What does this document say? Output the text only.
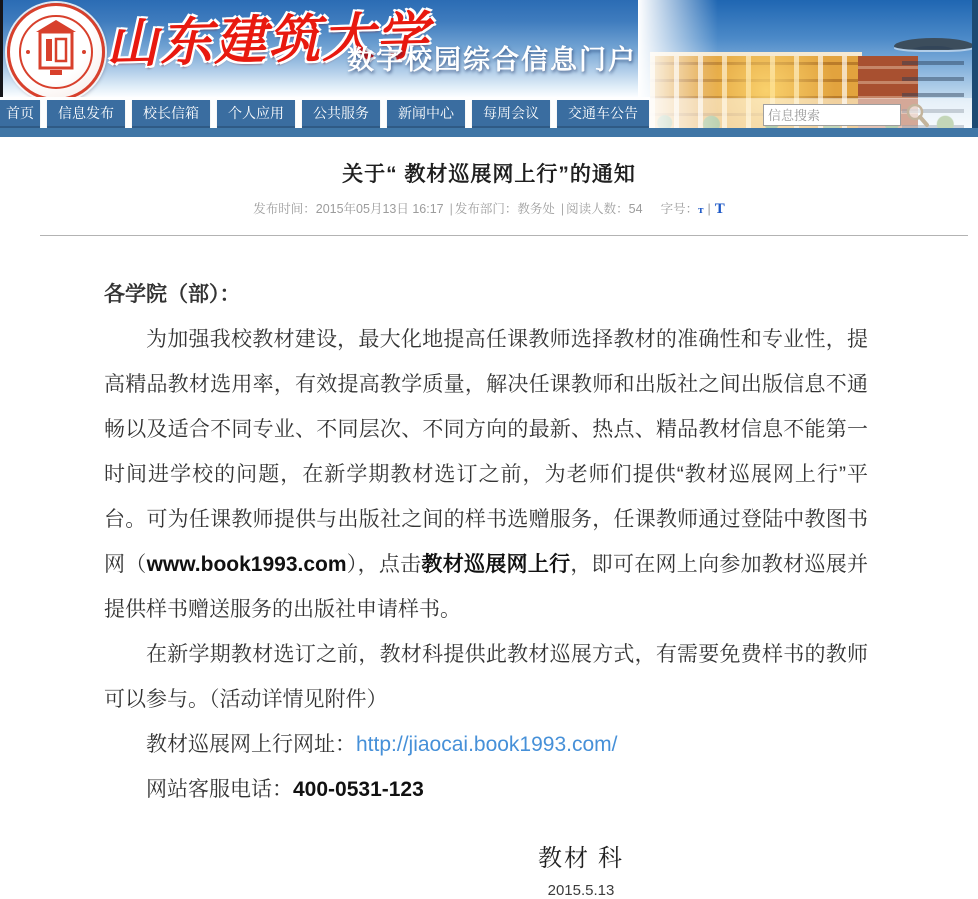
山东建筑大学
数字校园综合信息门户
首页	信息发布	校长信箱	个人应用	公共服务	新闻中心	每周会议	交通车公告
信息搜索
关于“ 教材巡展网上行”的通知
发布时间：2015年05月13日 16:17 | 发布部门：教务处 | 阅读人数：54 字号：т | T

各学院（部）：

为加强我校教材建设，最大化地提高任课教师选择教材的准确性和专业性，提高精品教材选用率，有效提高教学质量，解决任课教师和出版社之间出版信息不通畅以及适合不同专业、不同层次、不同方向的最新、热点、精品教材信息不能第一时间进学校的问题，在新学期教材选订之前，为老师们提供“教材巡展网上行”平台。可为任课教师提供与出版社之间的样书选赠服务，任课教师通过登陆中教图书网（www.book1993.com），点击教材巡展网上行，即可在网上向参加教材巡展并提供样书赠送服务的出版社申请样书。

在新学期教材选订之前，教材科提供此教材巡展方式，有需要免费样书的教师可以参与。（活动详情见附件）

教材巡展网上行网址：http://jiaocai.book1993.com/

网站客服电话：400-0531-123

教材 科
2015.5.13
